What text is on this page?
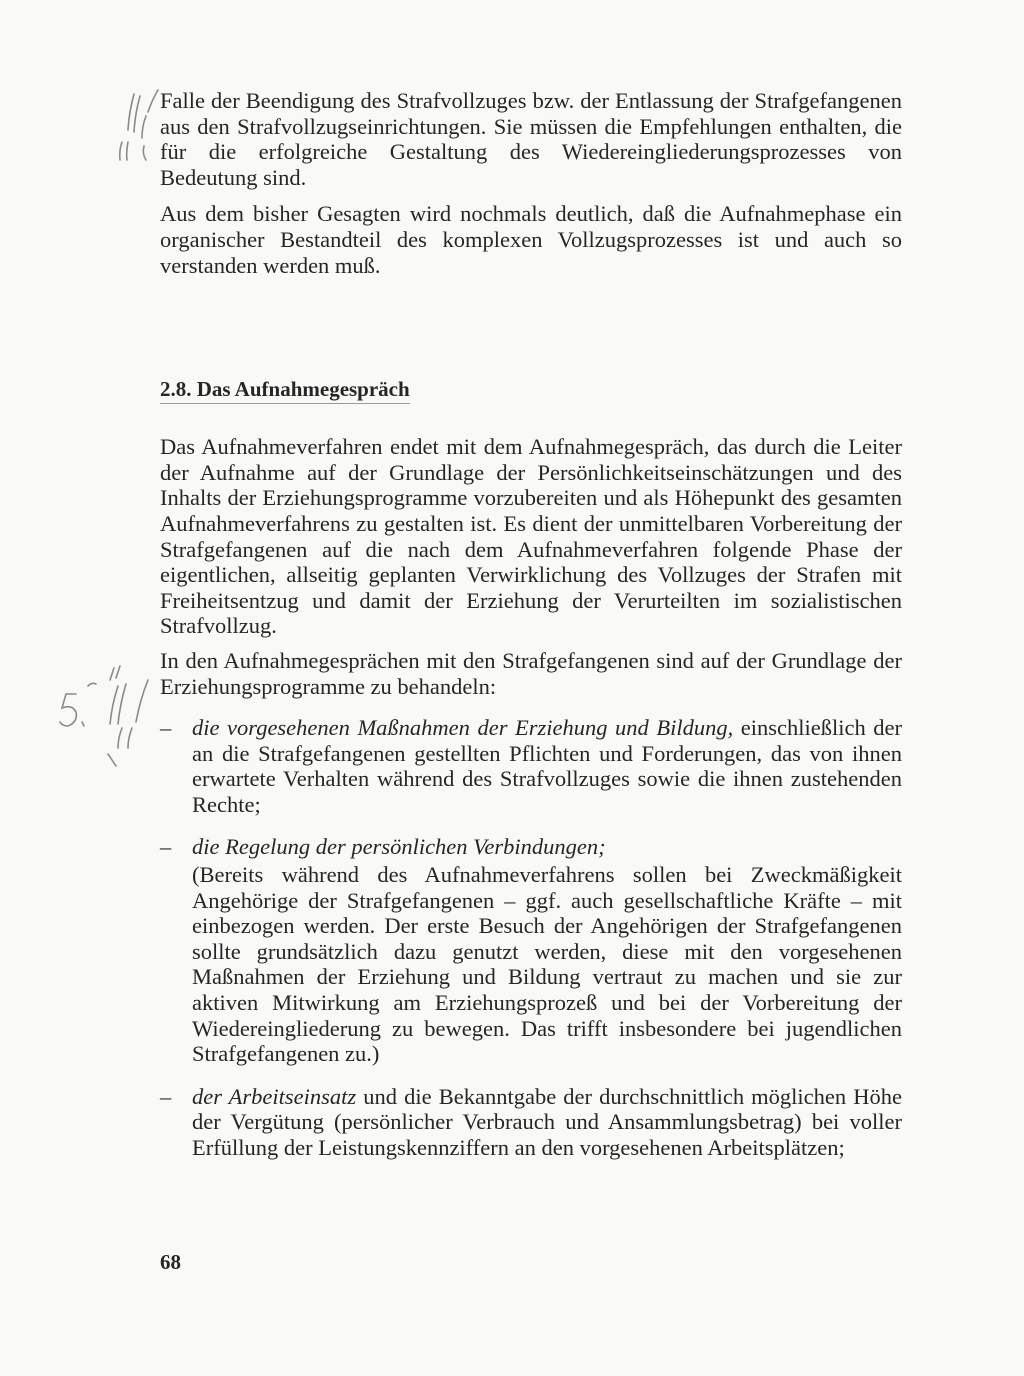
Falle der Beendigung des Strafvollzuges bzw. der Entlassung der Strafgefangenen aus den Strafvollzugseinrichtungen. Sie müssen die Empfehlungen enthalten, die für die erfolgreiche Gestaltung des Wiedereingliederungsprozesses von Bedeutung sind.

Aus dem bisher Gesagten wird nochmals deutlich, daß die Aufnahmephase ein organischer Bestandteil des komplexen Vollzugsprozesses ist und auch so verstanden werden muß.

2.8. Das Aufnahmegespräch

Das Aufnahmeverfahren endet mit dem Aufnahmegespräch, das durch die Leiter der Aufnahme auf der Grundlage der Persönlichkeitseinschätzungen und des Inhalts der Erziehungsprogramme vorzubereiten und als Höhepunkt des gesamten Aufnahmeverfahrens zu gestalten ist. Es dient der unmittelbaren Vorbereitung der Strafgefangenen auf die nach dem Aufnahmeverfahren folgende Phase der eigentlichen, allseitig geplanten Verwirklichung des Vollzuges der Strafen mit Freiheitsentzug und damit der Erziehung der Verurteilten im sozialistischen Strafvollzug.

In den Aufnahmegesprächen mit den Strafgefangenen sind auf der Grundlage der Erziehungsprogramme zu behandeln:

– die vorgesehenen Maßnahmen der Erziehung und Bildung, einschließlich der an die Strafgefangenen gestellten Pflichten und Forderungen, das von ihnen erwartete Verhalten während des Strafvollzuges sowie die ihnen zustehenden Rechte;
– die Regelung der persönlichen Verbindungen;
(Bereits während des Aufnahmeverfahrens sollen bei Zweckmäßigkeit Angehörige der Strafgefangenen – ggf. auch gesellschaftliche Kräfte – mit einbezogen werden. Der erste Besuch der Angehörigen der Strafgefangenen sollte grundsätzlich dazu genutzt werden, diese mit den vorgesehenen Maßnahmen der Erziehung und Bildung vertraut zu machen und sie zur aktiven Mitwirkung am Erziehungsprozeß und bei der Vorbereitung der Wiedereingliederung zu bewegen. Das trifft insbesondere bei jugendlichen Strafgefangenen zu.)
– der Arbeitseinsatz und die Bekanntgabe der durchschnittlich möglichen Höhe der Vergütung (persönlicher Verbrauch und Ansammlungsbetrag) bei voller Erfüllung der Leistungskennziffern an den vorgesehenen Arbeitsplätzen;
68
